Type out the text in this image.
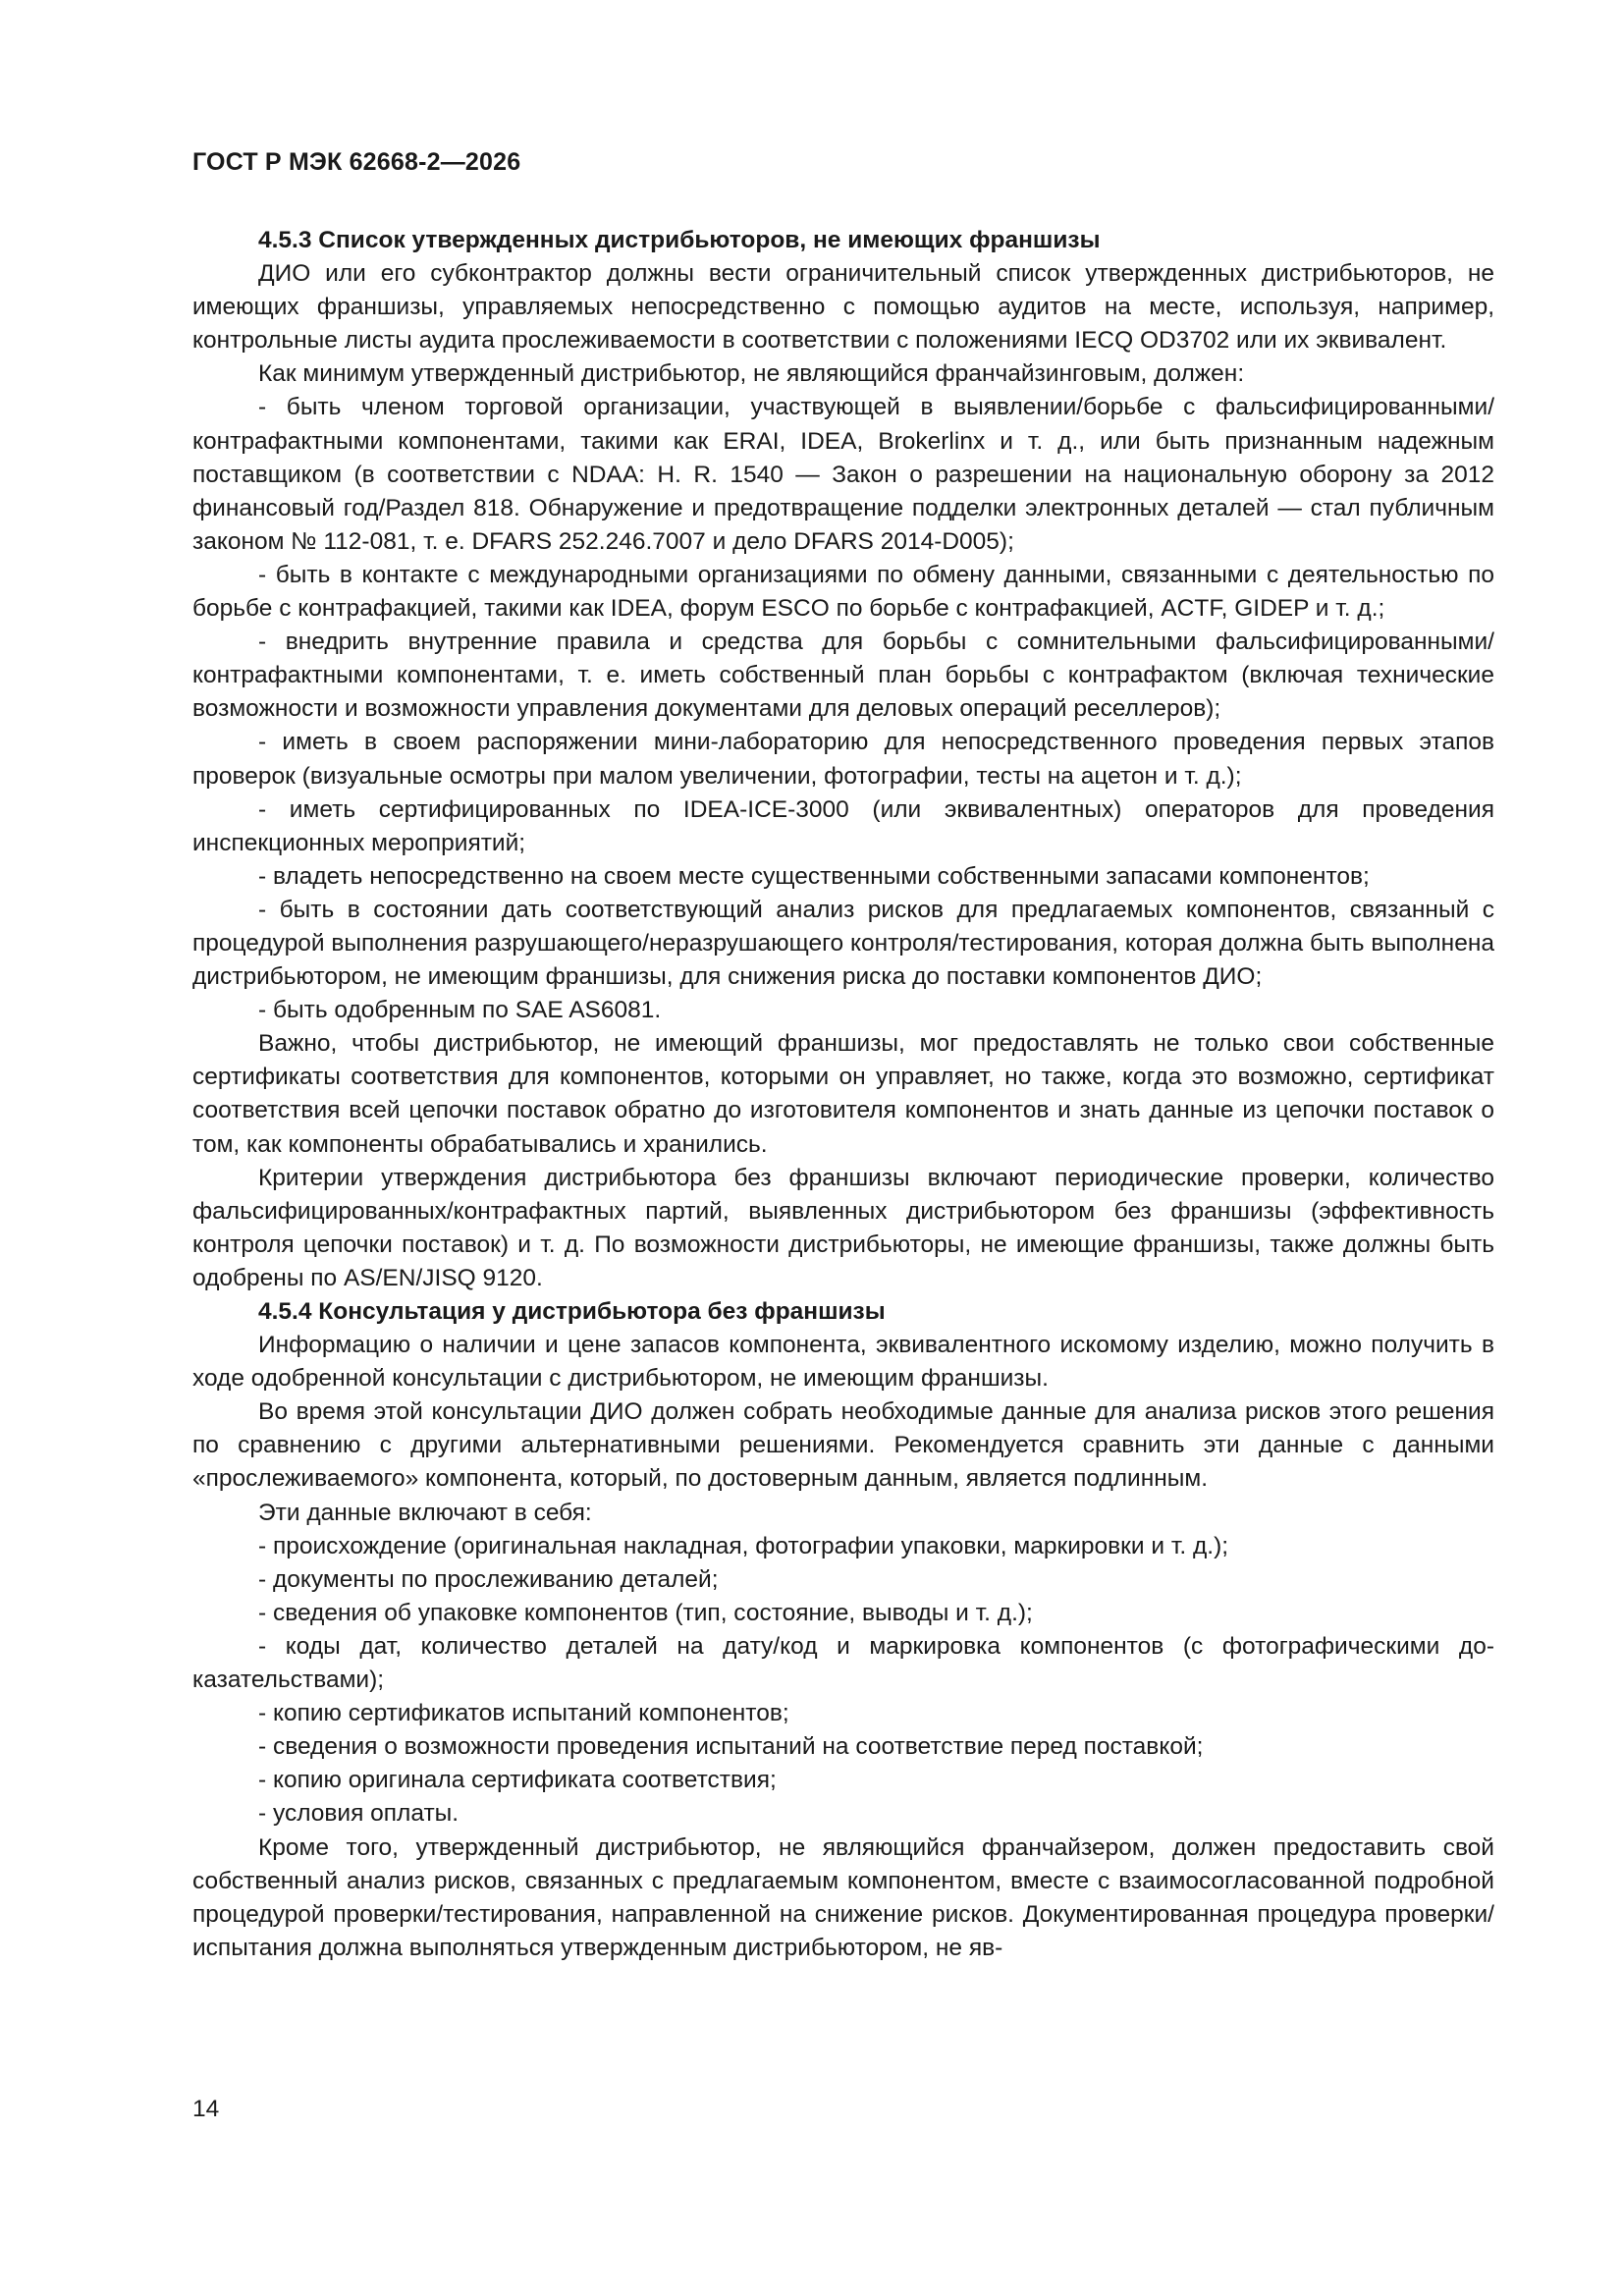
ГОСТ Р МЭК 62668-2—2026

4.5.3 Список утвержденных дистрибьюторов, не имеющих франшизы

ДИО или его субконтрактор должны вести ограничительный список утвержденных дистрибьюторов, не имеющих франшизы, управляемых непосредственно с помощью аудитов на месте, используя, например, контрольные листы аудита прослеживаемости в соответствии с положениями IECQ OD3702 или их эквивалент.

Как минимум утвержденный дистрибьютор, не являющийся франчайзинговым, должен:

- быть членом торговой организации, участвующей в выявлении/борьбе с фальсифицированными/контрафактными компонентами, такими как ERAI, IDEA, Brokerlinx и т. д., или быть признанным надежным поставщиком (в соответствии с NDAA: H. R. 1540 — Закон о разрешении на национальную оборону за 2012 финансовый год/Раздел 818. Обнаружение и предотвращение подделки электронных деталей — стал публичным законом № 112-081, т. е. DFARS 252.246.7007 и дело DFARS 2014-D005);

- быть в контакте с международными организациями по обмену данными, связанными с деятельностью по борьбе с контрафакцией, такими как IDEA, форум ESCO по борьбе с контрафакцией, ACTF, GIDEP и т. д.;

- внедрить внутренние правила и средства для борьбы с сомнительными фальсифицированными/контрафактными компонентами, т. е. иметь собственный план борьбы с контрафактом (включая технические возможности и возможности управления документами для деловых операций реселлеров);

- иметь в своем распоряжении мини-лабораторию для непосредственного проведения первых этапов проверок (визуальные осмотры при малом увеличении, фотографии, тесты на ацетон и т. д.);

- иметь сертифицированных по IDEA-ICE-3000 (или эквивалентных) операторов для проведения инспекционных мероприятий;

- владеть непосредственно на своем месте существенными собственными запасами компонентов;

- быть в состоянии дать соответствующий анализ рисков для предлагаемых компонентов, связанный с процедурой выполнения разрушающего/неразрушающего контроля/тестирования, которая должна быть выполнена дистрибьютором, не имеющим франшизы, для снижения риска до поставки компонентов ДИО;

- быть одобренным по SAE AS6081.

Важно, чтобы дистрибьютор, не имеющий франшизы, мог предоставлять не только свои собственные сертификаты соответствия для компонентов, которыми он управляет, но также, когда это возможно, сертификат соответствия всей цепочки поставок обратно до изготовителя компонентов и знать данные из цепочки поставок о том, как компоненты обрабатывались и хранились.

Критерии утверждения дистрибьютора без франшизы включают периодические проверки, количество фальсифицированных/контрафактных партий, выявленных дистрибьютором без франшизы (эффективность контроля цепочки поставок) и т. д. По возможности дистрибьюторы, не имеющие франшизы, также должны быть одобрены по AS/EN/JISQ 9120.

4.5.4 Консультация у дистрибьютора без франшизы

Информацию о наличии и цене запасов компонента, эквивалентного искомому изделию, можно получить в ходе одобренной консультации с дистрибьютором, не имеющим франшизы.

Во время этой консультации ДИО должен собрать необходимые данные для анализа рисков этого решения по сравнению с другими альтернативными решениями. Рекомендуется сравнить эти данные с данными «прослеживаемого» компонента, который, по достоверным данным, является подлинным.

Эти данные включают в себя:

- происхождение (оригинальная накладная, фотографии упаковки, маркировки и т. д.);

- документы по прослеживанию деталей;

- сведения об упаковке компонентов (тип, состояние, выводы и т. д.);

- коды дат, количество деталей на дату/код и маркировка компонентов (с фотографическими доказательствами);

- копию сертификатов испытаний компонентов;

- сведения о возможности проведения испытаний на соответствие перед поставкой;

- копию оригинала сертификата соответствия;

- условия оплаты.

Кроме того, утвержденный дистрибьютор, не являющийся франчайзером, должен предоставить свой собственный анализ рисков, связанных с предлагаемым компонентом, вместе с взаимосогласованной подробной процедурой проверки/тестирования, направленной на снижение рисков. Документированная процедура проверки/испытания должна выполняться утвержденным дистрибьютором, не яв-

14
